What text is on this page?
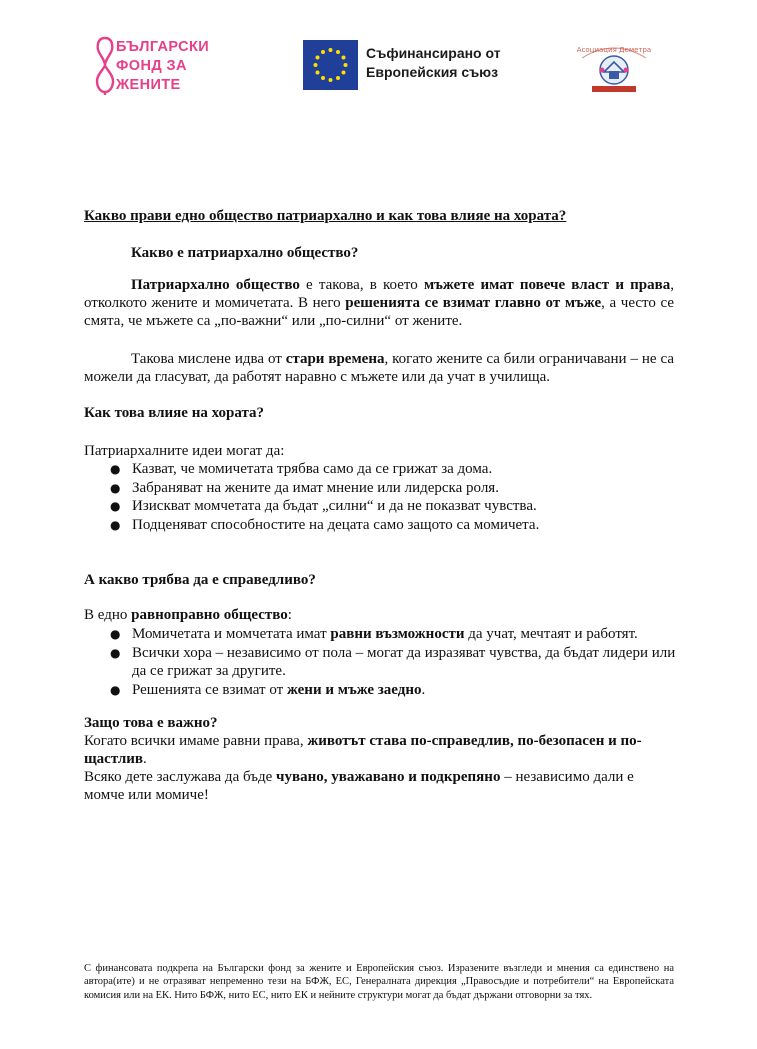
БЪЛГАРСКИ
ФОНД ЗА
ЖЕНИТЕ
Съфинансирано от
Европейския съюз
Асоциация Деметра
Какво прави едно общество патриархално и как това влияе на хората?
Какво е патриархално общество?
Патриархално общество е такова, в което мъжете имат повече власт и права, отколкото жените и момичетата. В него решенията се взимат главно от мъже, а често се смята, че мъжете са „по-важни“ или „по-силни“ от жените.
Такова мислене идва от стари времена, когато жените са били ограничавани – не са можели да гласуват, да работят наравно с мъжете или да учат в училища.
Как това влияе на хората?
Патриархалните идеи могат да:
● Казват, че момичетата трябва само да се грижат за дома.
● Забраняват на жените да имат мнение или лидерска роля.
● Изискват момчетата да бъдат „силни“ и да не показват чувства.
● Подценяват способностите на децата само защото са момичета.
А какво трябва да е справедливо?
В едно равноправно общество:
● Момичетата и момчетата имат равни възможности да учат, мечтаят и работят.
● Всички хора – независимо от пола – могат да изразяват чувства, да бъдат лидери или да се грижат за другите.
● Решенията се взимат от жени и мъже заедно.
Защо това е важно?
Когато всички имаме равни права, животът става по-справедлив, по-безопасен и по-щастлив.
Всяко дете заслужава да бъде чувано, уважавано и подкрепяно – независимо дали е момче или момиче!
С финансовата подкрепа на Български фонд за жените и Европейския съюз. Изразените възгледи и мнения са единствено на автора(ите) и не отразяват непременно тези на БФЖ, ЕС, Генералната дирекция „Правосъдие и потребители“ на Европейската комисия или на ЕК. Нито БФЖ, нито ЕС, нито ЕК и нейните структури могат да бъдат държани отговорни за тях.
